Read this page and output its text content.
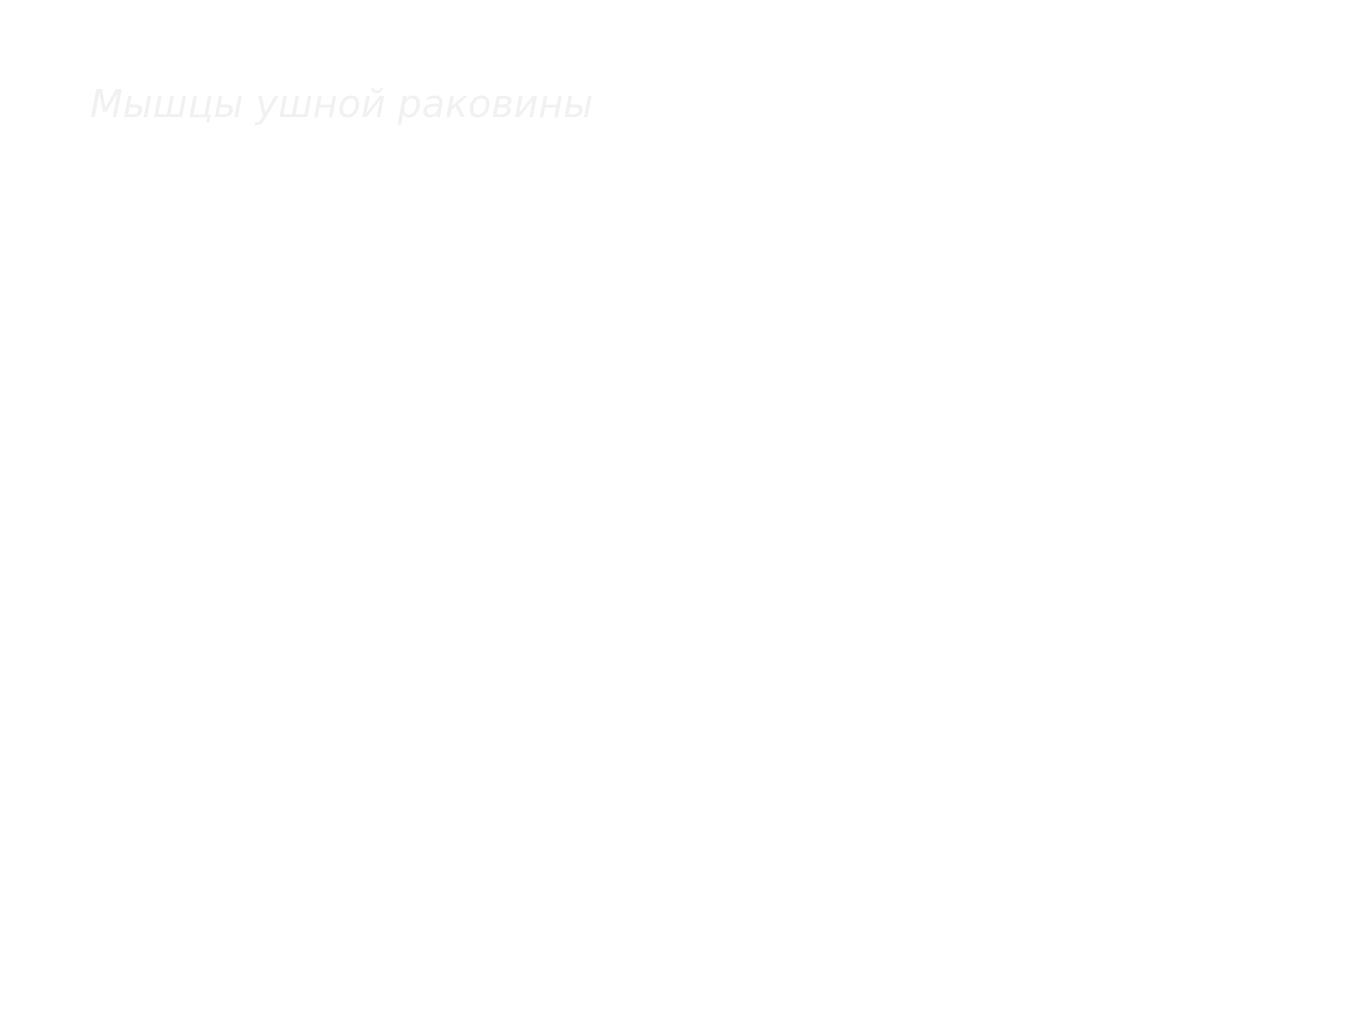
Мышцы ушной раковины
